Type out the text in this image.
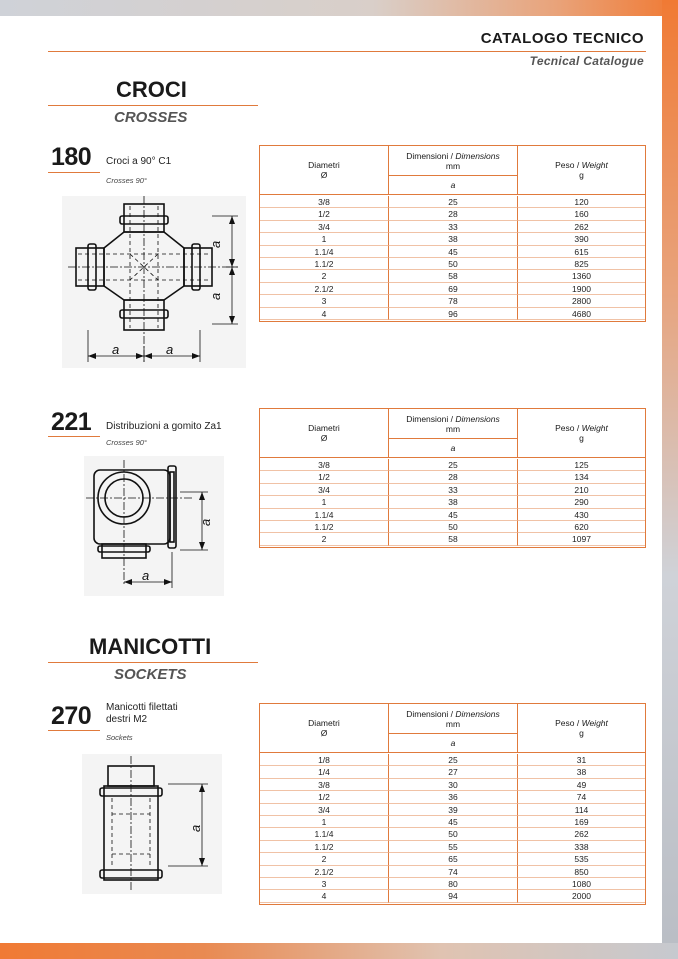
CATALOGO TECNICO
Tecnical Catalogue
CROCI
CROSSES
180 Croci a 90° C1
Crosses 90°
a
a
a	a
Diametri
Ø
Dimensioni / Dimensions
mm
a
Peso / Weight
g
3/8	25	120
1/2	28	160
3/4	33	262
1	38	390
1.1/4	45	615
1.1/2	50	825
2	58	1360
2.1/2	69	1900
3	78	2800
4	96	4680
221 Distribuzioni a gomito Za1
Crosses 90°
a
a
Diametri
Ø
Dimensioni / Dimensions
mm
a
Peso / Weight
g
3/8	25	125
1/2	28	134
3/4	33	210
1	38	290
1.1/4	45	430
1.1/2	50	620
2	58	1097
MANICOTTI
SOCKETS
270 Manicotti filettati
destri M2
Sockets
a
Diametri
Ø
Dimensioni / Dimensions
mm
a
Peso / Weight
g
1/8	25	31
1/4	27	38
3/8	30	49
1/2	36	74
3/4	39	114
1	45	169
1.1/4	50	262
1.1/2	55	338
2	65	535
2.1/2	74	850
3	80	1080
4	94	2000
